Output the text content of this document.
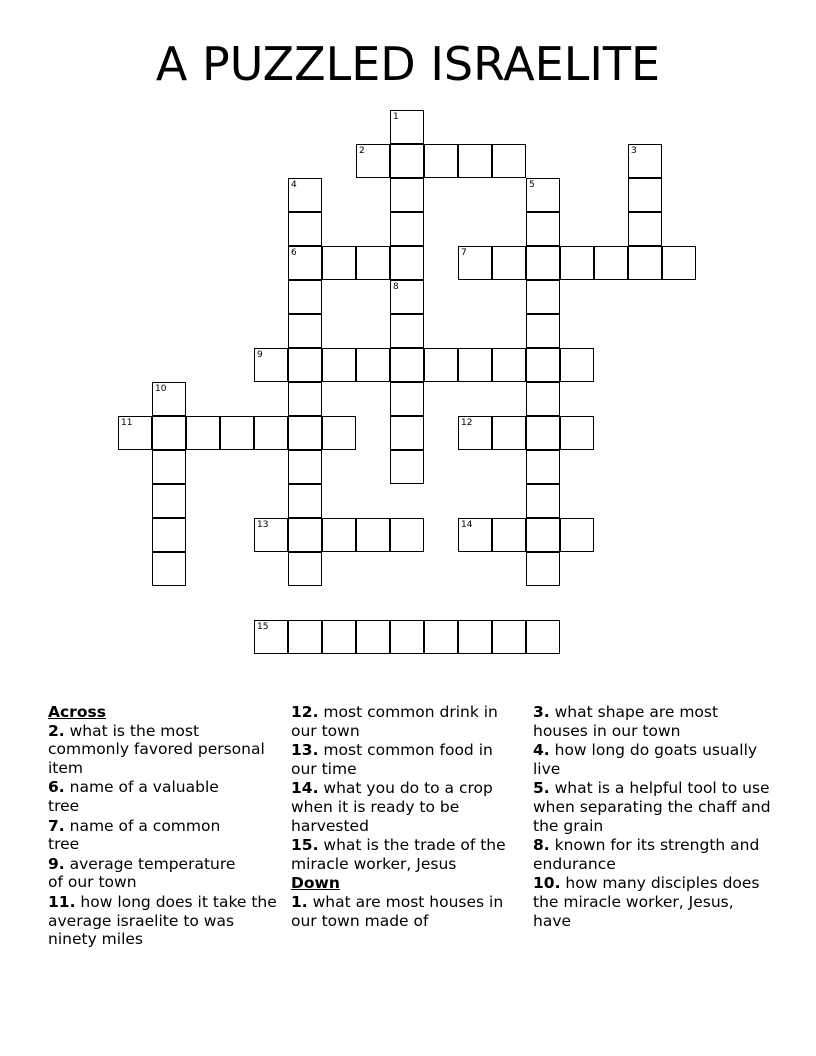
A PUZZLED ISRAELITE
1
8
2	3
4
6
5
7
9
10
11	12
13	14
15

Across

2. what is the most commonly favored personal item

6. name of a valuable tree

7. name of a common tree

9. average temperature of our town

11. how long does it take the average israelite to was ninety miles

12. most common drink in our town

13. most common food in our time

14. what you do to a crop when it is ready to be harvested

15. what is the trade of the miracle worker, Jesus

Down

1. what are most houses in our town made of

3. what shape are most houses in our town

4. how long do goats usually live

5. what is a helpful tool to use when separating the chaff and the grain

8. known for its strength and endurance

10. how many disciples does the miracle worker, Jesus, have
